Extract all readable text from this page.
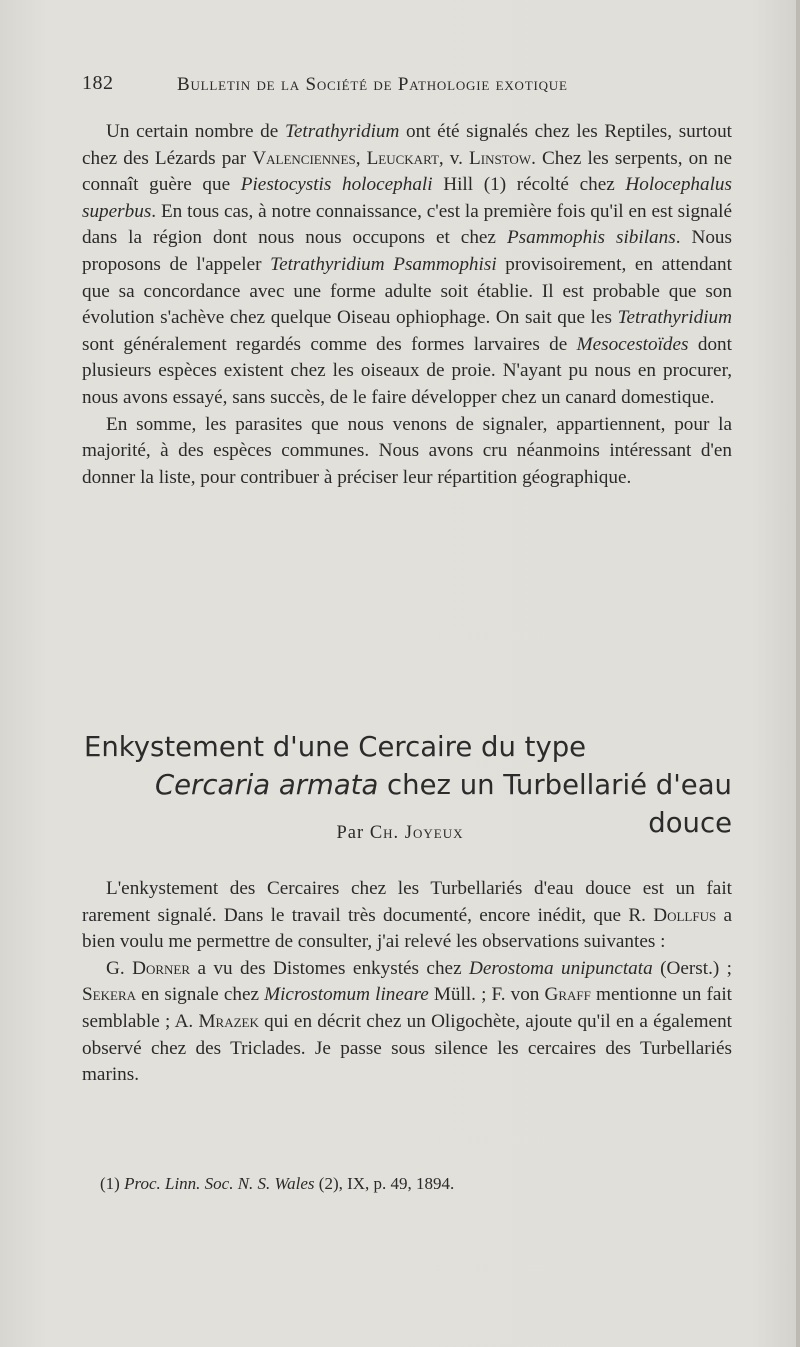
182	Bulletin de la Société de Pathologie exotique

Un certain nombre de Tetrathyridium ont été signalés chez les Reptiles, surtout chez des Lézards par Valenciennes, Leuckart, v. Linstow. Chez les serpents, on ne connaît guère que Piestocystis holocephali Hill (1) récolté chez Holocephalus superbus. En tous cas, à notre connaissance, c'est la première fois qu'il en est signalé dans la région dont nous nous occupons et chez Psammophis sibilans. Nous proposons de l'appeler Tetrathyridium Psammophisi provisoirement, en attendant que sa concordance avec une forme adulte soit établie. Il est probable que son évolution s'achève chez quelque Oiseau ophiophage. On sait que les Tetrathyridium sont généralement regardés comme des formes larvaires de Mesocestoïdes dont plusieurs espèces existent chez les oiseaux de proie. N'ayant pu nous en procurer, nous avons essayé, sans succès, de le faire développer chez un canard domestique.

En somme, les parasites que nous venons de signaler, appartiennent, pour la majorité, à des espèces communes. Nous avons cru néanmoins intéressant d'en donner la liste, pour contribuer à préciser leur répartition géographique.

Enkystement d'une Cercaire du type
Cercaria armata chez un Turbellarié d'eau douce
Par Ch. Joyeux

L'enkystement des Cercaires chez les Turbellariés d'eau douce est un fait rarement signalé. Dans le travail très documenté, encore inédit, que R. Dollfus a bien voulu me permettre de consulter, j'ai relevé les observations suivantes :

G. Dorner a vu des Distomes enkystés chez Derostoma unipunctata (Oerst.) ; Sekera en signale chez Microstomum lineare Müll. ; F. von Graff mentionne un fait semblable ; A. Mrazek qui en décrit chez un Oligochète, ajoute qu'il en a également observé chez des Triclades. Je passe sous silence les cercaires des Turbellariés marins.

(1) Proc. Linn. Soc. N. S. Wales (2), IX, p. 49, 1894.
